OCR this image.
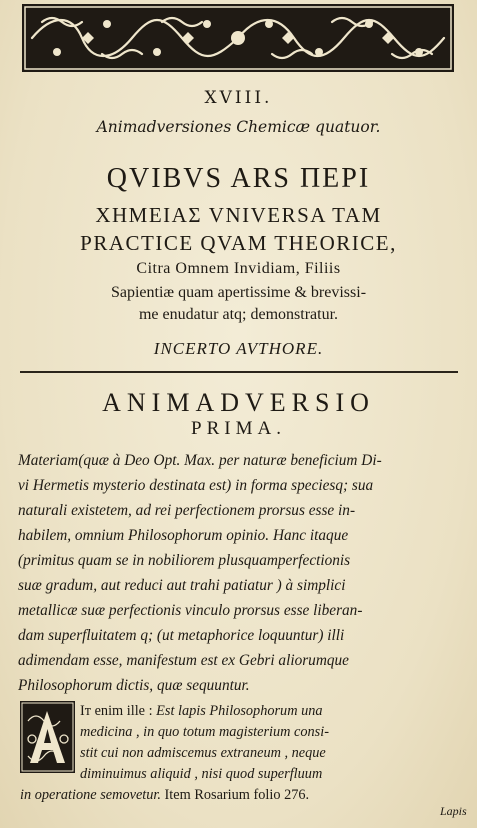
XVIII.
Animadversiones Chemicæ quatuor.
QVIBVS ARS ΠΕΡΙ
ΧΗΜΕΙΑΣ VNIVERSA TAM
PRACTICE QVAM THEORICE,
Citra Omnem Invidiam, Filiis
Sapientiæ quam apertissime & brevissi-
me enudatur atq; demonstratur.
INCERTO AVTHORE.
ANIMADVERSIO
PRIMA.
Materiam(quæ à Deo Opt. Max. per naturæ beneficium Di-
vi Hermetis mysterio destinata est) in forma speciesq; sua
naturali existetem, ad rei perfectionem prorsus esse in-
habilem, omnium Philosophorum opinio. Hanc itaque
(primitus quam se in nobiliorem plusquamperfectionis
suæ gradum, aut reduci aut trahi patiatur ) à simplici
metallicæ suæ perfectionis vinculo prorsus esse liberan-
dam superfluitatem q; (ut metaphorice loquuntur) illi
adimendam esse, manifestum est ex Gebri aliorumque
Philosophorum dictis, quæ sequuntur.
Iт enim ille : Est lapis Philosophorum una
medicina , in quo totum magisterium consi-
stit cui non admiscemus extraneum , neque
diminuimus aliquid , nisi quod superfluum
in operatione semovetur. Item Rosarium folio 276.
Lapis
